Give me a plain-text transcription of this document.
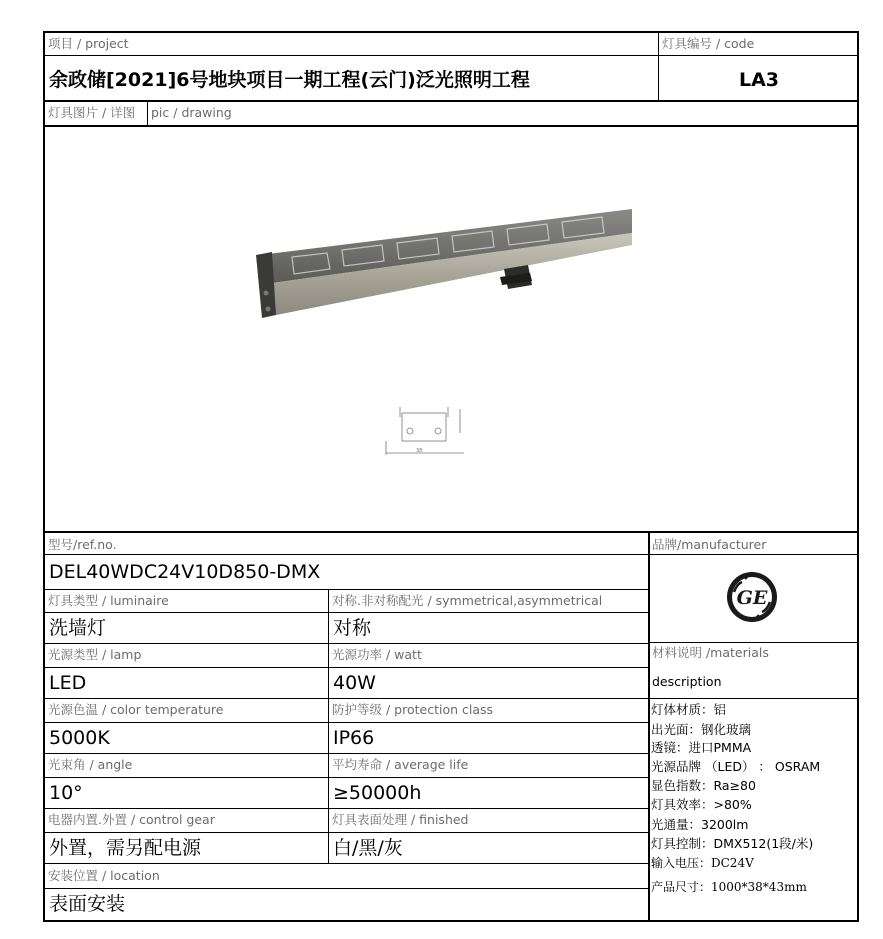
项目 / project	灯具编号 / code
余政储[2021]6号地块项目一期工程(云门)泛光照明工程	LA3
灯具图片 / 详图 pic / drawing
38
型号/ref.no.
DEL40WDC24V10D850-DMX
品牌/manufacturer
GE
灯具类型 / luminaire	对称.非对称配光 / symmetrical,asymmetrical
洗墙灯	对称
光源类型 / lamp	光源功率 / watt
LED	40W
光源色温 / color temperature	防护等级 / protection class
5000K	IP66
光束角 / angle	平均寿命 / average life
10°	≥50000h
电器内置.外置 / control gear	灯具表面处理 / finished
外置，需另配电源	白/黑/灰
安装位置 / location
表面安装
材料说明 /materials
description
灯体材质：铝
出光面：钢化玻璃
透镜：进口PMMA
光源品牌 （LED） ： OSRAM
显色指数：Ra≥80
灯具效率：>80%
光通量：3200lm
灯具控制：DMX512(1段/米)
输入电压：DC24V
产品尺寸：1000*38*43mm
